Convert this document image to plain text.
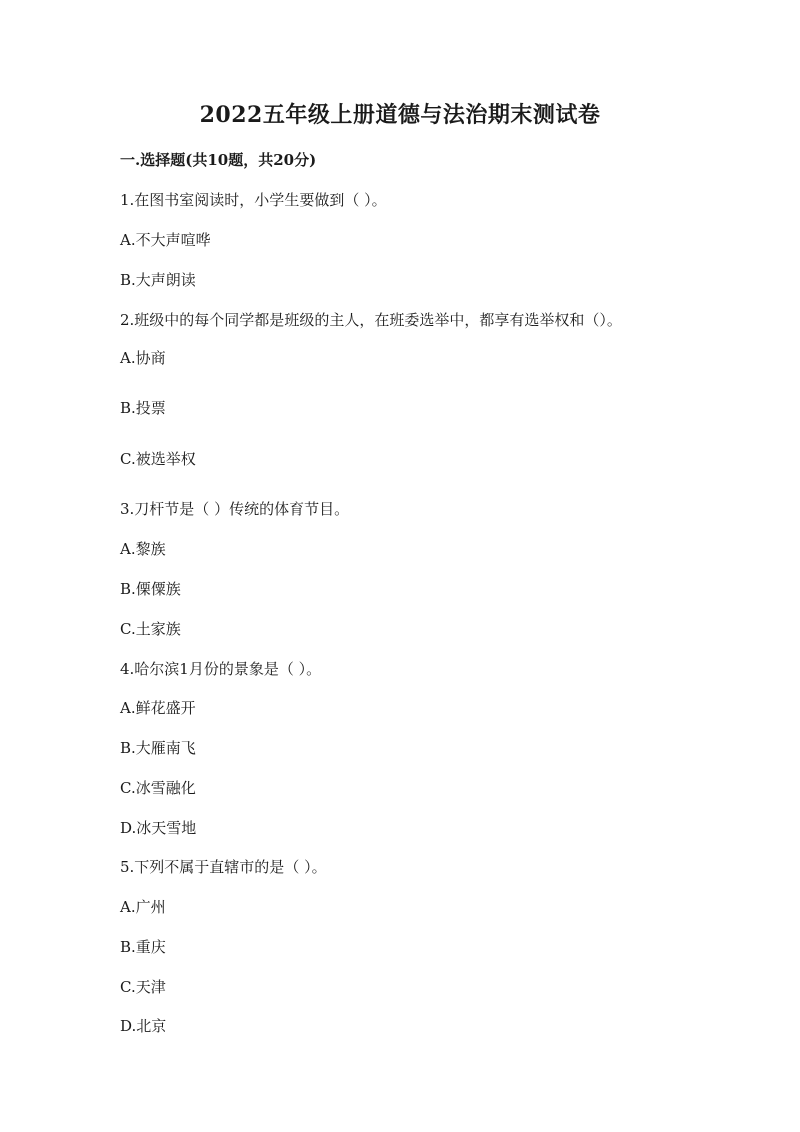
2022五年级上册道德与法治期末测试卷
一.选择题(共10题，共20分)
1.在图书室阅读时，小学生要做到（ ）。
A.不大声喧哗
B.大声朗读
2.班级中的每个同学都是班级的主人，在班委选举中，都享有选举权和（）。
A.协商
B.投票
C.被选举权
3.刀杆节是（ ）传统的体育节目。
A.黎族
B.傈僳族
C.土家族
4.哈尔滨1月份的景象是（ ）。
A.鲜花盛开
B.大雁南飞
C.冰雪融化
D.冰天雪地
5.下列不属于直辖市的是（ ）。
A.广州
B.重庆
C.天津
D.北京
